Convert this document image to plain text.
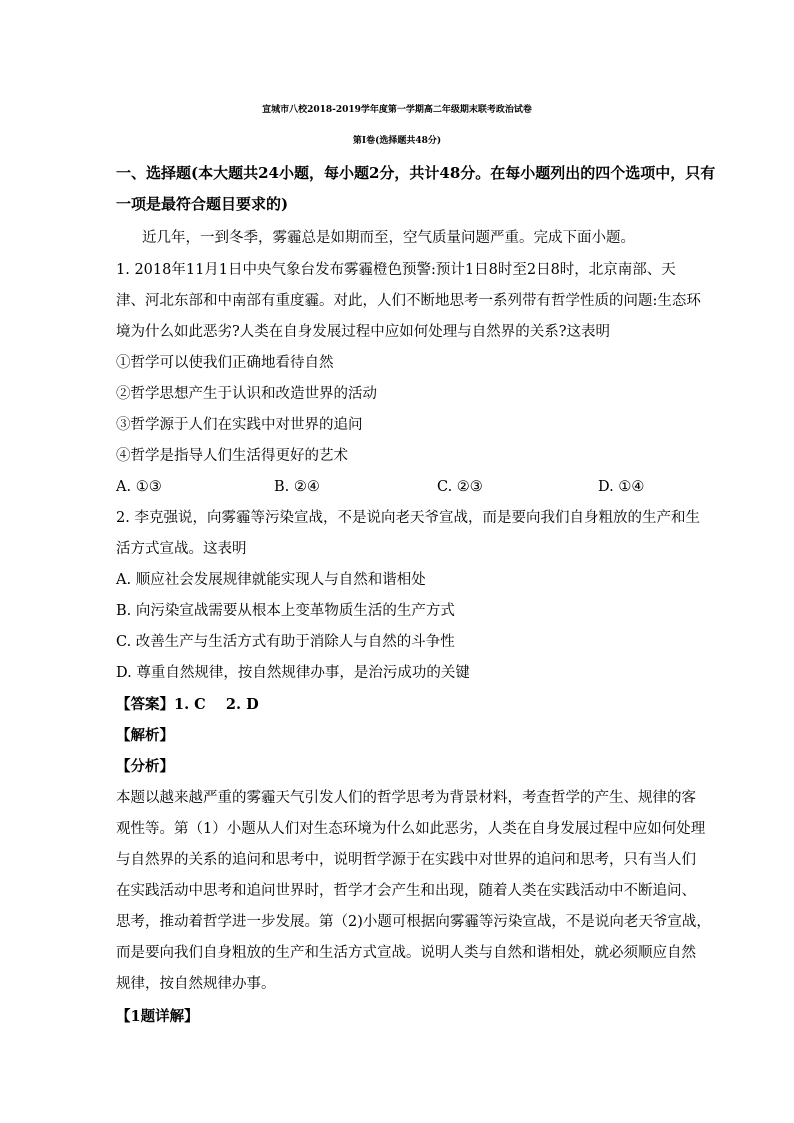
宣城市八校2018-2019学年度第一学期高二年级期末联考政治试卷
第I卷(选择题共48分)
一、选择题(本大题共24小题，每小题2分，共计48分。在每小题列出的四个选项中，只有
一项是最符合题目要求的)
近几年，一到冬季，雾霾总是如期而至，空气质量问题严重。完成下面小题。
1. 2018年11月1日中央气象台发布雾霾橙色预警:预计1日8时至2日8时，北京南部、天
津、河北东部和中南部有重度霾。对此，人们不断地思考一系列带有哲学性质的问题:生态环
境为什么如此恶劣?人类在自身发展过程中应如何处理与自然界的关系?这表明
①哲学可以使我们正确地看待自然
②哲学思想产生于认识和改造世界的活动
③哲学源于人们在实践中对世界的追问
④哲学是指导人们生活得更好的艺术
A. ①③	B. ②④	C. ②③	D. ①④
2. 李克强说，向雾霾等污染宣战，不是说向老天爷宣战，而是要向我们自身粗放的生产和生
活方式宣战。这表明
A. 顺应社会发展规律就能实现人与自然和谐相处
B. 向污染宣战需要从根本上变革物质生活的生产方式
C. 改善生产与生活方式有助于消除人与自然的斗争性
D. 尊重自然规律，按自然规律办事，是治污成功的关键
【答案】1. C    2. D
【解析】
【分析】
本题以越来越严重的雾霾天气引发人们的哲学思考为背景材料，考查哲学的产生、规律的客
观性等。第（1）小题从人们对生态环境为什么如此恶劣，人类在自身发展过程中应如何处理
与自然界的关系的追问和思考中，说明哲学源于在实践中对世界的追问和思考，只有当人们
在实践活动中思考和追问世界时，哲学才会产生和出现，随着人类在实践活动中不断追问、
思考，推动着哲学进一步发展。第（2)小题可根据向雾霾等污染宣战，不是说向老天爷宣战，
而是要向我们自身粗放的生产和生活方式宣战。说明人类与自然和谐相处，就必须顺应自然
规律，按自然规律办事。
【1题详解】
